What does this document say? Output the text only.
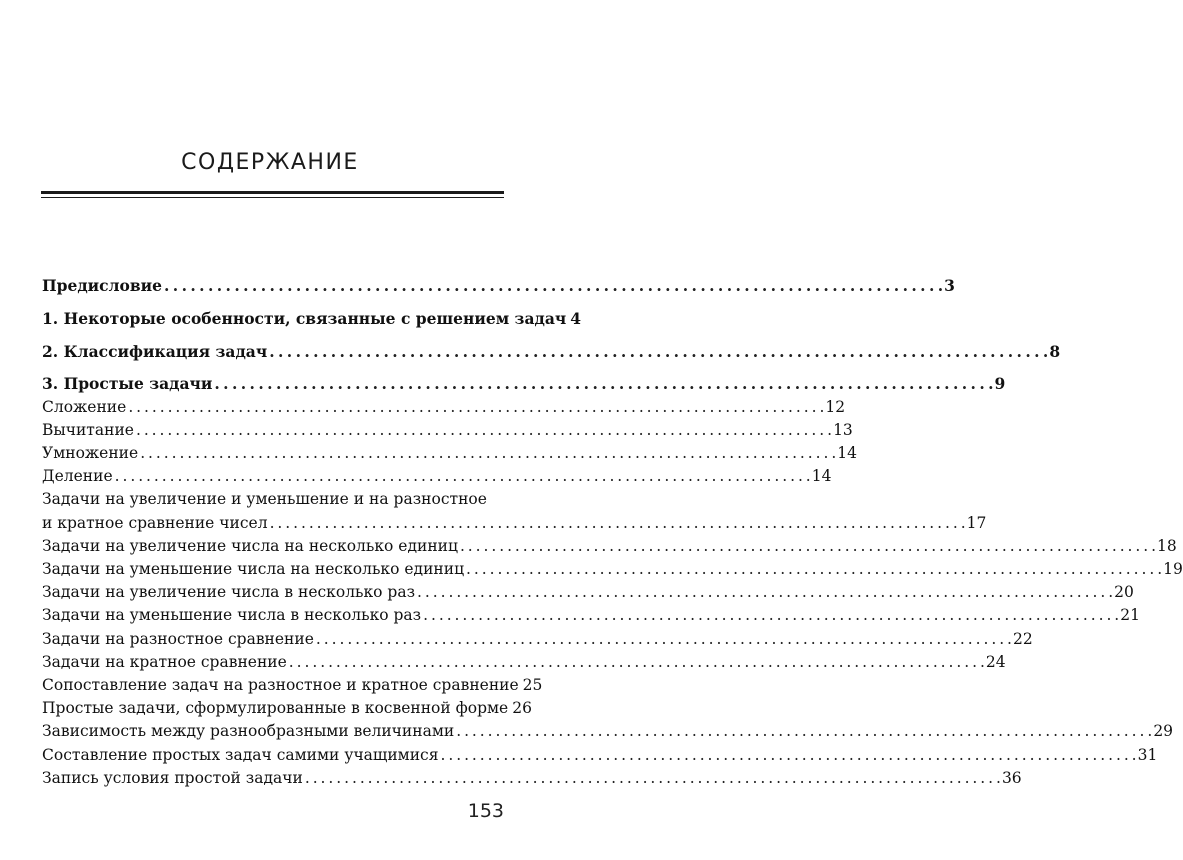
СОДЕРЖАНИЕ
Предисловие . . .	3
1. Некоторые особенности, связанные с решением задач 4
2. Классификация задач . . .	8
3. Простые задачи . . .	9
Сложение . . .	12
Вычитание . . .	13
Умножение . . .	14
Деление . . .	14
Задачи на увеличение и уменьшение и на разностное
и кратное сравнение чисел . . .	17
Задачи на увеличение числа на несколько единиц . . .	18
Задачи на уменьшение числа на несколько единиц . . .	19
Задачи на увеличение числа в несколько раз . . .	20
Задачи на уменьшение числа в несколько раз . . .	21
Задачи на разностное сравнение . . .	22
Задачи на кратное сравнение . . .	24
Сопоставление задач на разностное и кратное сравнение 25
Простые задачи, сформулированные в косвенной форме 26
Зависимость между разнообразными величинами . . .	29
Составление простых задач самими учащимися . . .	31
Запись условия простой задачи . . .	36
153
